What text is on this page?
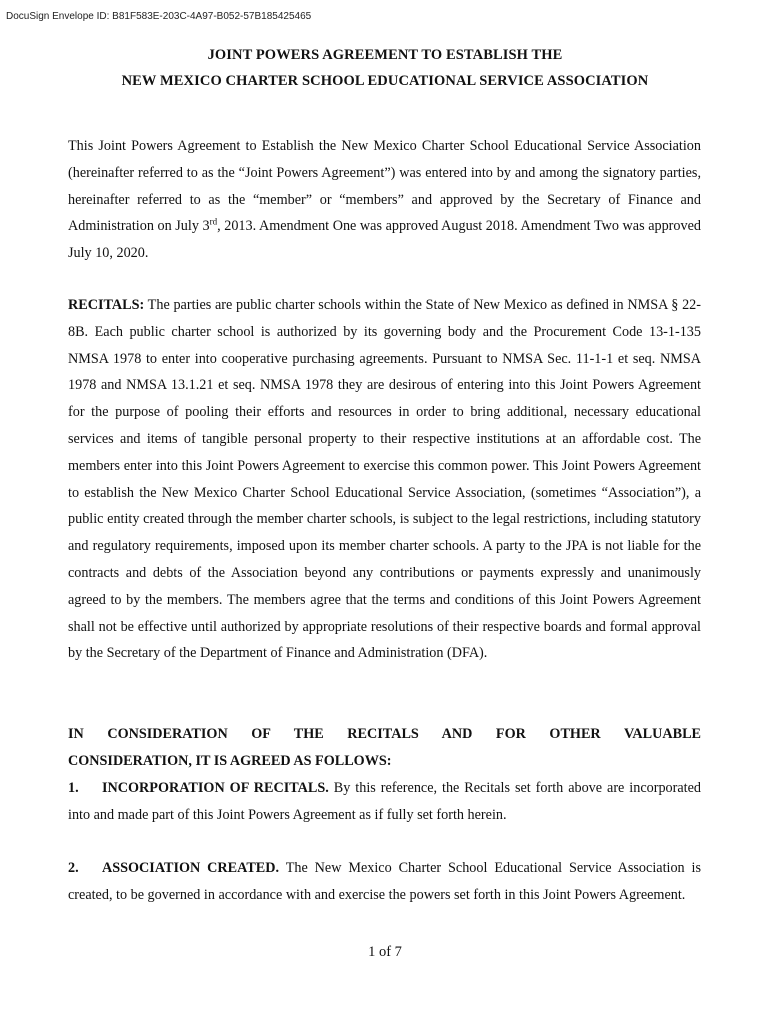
DocuSign Envelope ID: B81F583E-203C-4A97-B052-57B185425465
JOINT POWERS AGREEMENT TO ESTABLISH THE
NEW MEXICO CHARTER SCHOOL EDUCATIONAL SERVICE ASSOCIATION

This Joint Powers Agreement to Establish the New Mexico Charter School Educational Service Association (hereinafter referred to as the “Joint Powers Agreement”) was entered into by and among the signatory parties, hereinafter referred to as the “member” or “members” and approved by the Secretary of Finance and Administration on July 3rd, 2013. Amendment One was approved August 2018. Amendment Two was approved July 10, 2020.

RECITALS: The parties are public charter schools within the State of New Mexico as defined in NMSA § 22-8B. Each public charter school is authorized by its governing body and the Procurement Code 13-1-135 NMSA 1978 to enter into cooperative purchasing agreements. Pursuant to NMSA Sec. 11-1-1 et seq. NMSA 1978 and NMSA 13.1.21 et seq. NMSA 1978 they are desirous of entering into this Joint Powers Agreement for the purpose of pooling their efforts and resources in order to bring additional, necessary educational services and items of tangible personal property to their respective institutions at an affordable cost. The members enter into this Joint Powers Agreement to exercise this common power. This Joint Powers Agreement to establish the New Mexico Charter School Educational Service Association, (sometimes “Association”), a public entity created through the member charter schools, is subject to the legal restrictions, including statutory and regulatory requirements, imposed upon its member charter schools. A party to the JPA is not liable for the contracts and debts of the Association beyond any contributions or payments expressly and unanimously agreed to by the members. The members agree that the terms and conditions of this Joint Powers Agreement shall not be effective until authorized by appropriate resolutions of their respective boards and formal approval by the Secretary of the Department of Finance and Administration (DFA).

IN CONSIDERATION OF THE RECITALS AND FOR OTHER VALUABLE
CONSIDERATION, IT IS AGREED AS FOLLOWS:

1. INCORPORATION OF RECITALS. By this reference, the Recitals set forth above are incorporated into and made part of this Joint Powers Agreement as if fully set forth herein.

2. ASSOCIATION CREATED. The New Mexico Charter School Educational Service Association is created, to be governed in accordance with and exercise the powers set forth in this Joint Powers Agreement.

1 of 7
